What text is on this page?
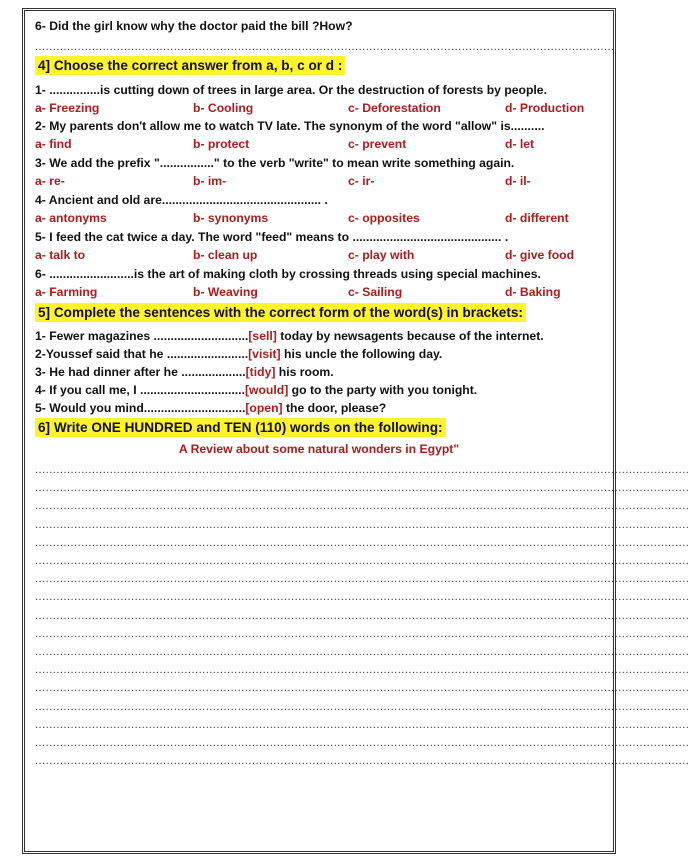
6- Did the girl know why the doctor paid the bill ?How?
...................................................................................................................................................................
4] Choose the correct answer from a, b, c or d :
1- ...............is cutting down of trees in large area. Or the destruction of forests by people.
a- Freezing	b- Cooling	c- Deforestation	d- Production
2- My parents don't allow me to watch TV late. The synonym of the word "allow" is..........
a- find	b- protect	c- prevent	d- let
3- We add the prefix "................" to the verb "write" to mean write something again.
a- re-	b- im-	c- ir-	d- il-
4- Ancient and old are............................................... .
a- antonyms	b- synonyms	c- opposites	d- different
5- I feed the cat twice a day. The word "feed" means to ............................................ .
a- talk to	b- clean up	c- play with	d- give food
6- .........................is the art of making cloth by crossing threads using special machines.
a- Farming	b- Weaving	c- Sailing	d- Baking
5] Complete the sentences with the correct form of the word(s) in brackets:
1- Fewer magazines ............................[sell] today by newsagents because of the internet.
2-Youssef said that he ........................[visit] his uncle the following day.
3- He had dinner after he ...................[tidy] his room.
4- If you call me, I ...............................[would] go to the party with you tonight.
5- Would you mind..............................[open] the door, please?
6] Write ONE HUNDRED and TEN (110) words on the following:
A Review about some natural wonders in Egypt"
........................................................................................................................................................................................
........................................................................................................................................................................................
........................................................................................................................................................................................
........................................................................................................................................................................................
........................................................................................................................................................................................
........................................................................................................................................................................................
........................................................................................................................................................................................
........................................................................................................................................................................................
........................................................................................................................................................................................
........................................................................................................................................................................................
........................................................................................................................................................................................
........................................................................................................................................................................................
........................................................................................................................................................................................
........................................................................................................................................................................................
........................................................................................................................................................................................
........................................................................................................................................................................................
........................................................................................................................................................................................
